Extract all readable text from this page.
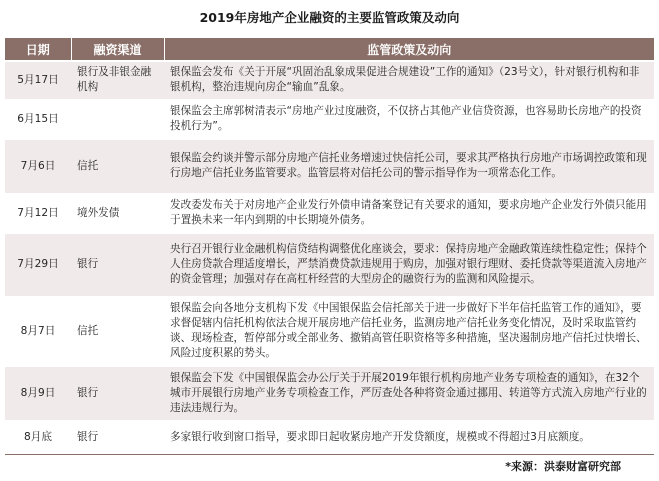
2019年房地产企业融资的主要监管政策及动向
日期	融资渠道	监管政策及动向
5月17日	银行及非银金融机构	银保监会发布《关于开展“巩固治乱象成果促进合规建设”工作的通知》（23号文），针对银行机构和非银机构，整治违规向房企“输血”乱象。
6月15日		银保监会主席郭树清表示“房地产业过度融资，不仅挤占其他产业信贷资源，也容易助长房地产的投资投机行为”。
7月6日	信托	银保监会约谈并警示部分房地产信托业务增速过快信托公司，要求其严格执行房地产市场调控政策和现行房地产信托业务监管要求。监管层将对信托公司的警示指导作为一项常态化工作。
7月12日	境外发债	发改委发布关于对房地产企业发行外债申请备案登记有关要求的通知，要求房地产企业发行外债只能用于置换未来一年内到期的中长期境外债务。
7月29日	银行	央行召开银行业金融机构信贷结构调整优化座谈会，要求：保持房地产金融政策连续性稳定性；保持个人住房贷款合理适度增长，严禁消费贷款违规用于购房，加强对银行理财、委托贷款等渠道流入房地产的资金管理；加强对存在高杠杆经营的大型房企的融资行为的监测和风险提示。
8月7日	信托	银保监会向各地分支机构下发《中国银保监会信托部关于进一步做好下半年信托监管工作的通知》，要求督促辖内信托机构依法合规开展房地产信托业务，监测房地产信托业务变化情况，及时采取监管约谈、现场检查，暂停部分或全部业务、撤销高管任职资格等多种措施，坚决遏制房地产信托过快增长、风险过度积累的势头。
8月9日	银行	银保监会下发《中国银保监会办公厅关于开展2019年银行机构房地产业务专项检查的通知》，在32个城市开展银行房地产业务专项检查工作，严厉查处各种将资金通过挪用、转道等方式流入房地产行业的违法违规行为。
8月底	银行	多家银行收到窗口指导，要求即日起收紧房地产开发贷额度，规模或不得超过3月底额度。
*来源：洪泰财富研究部
